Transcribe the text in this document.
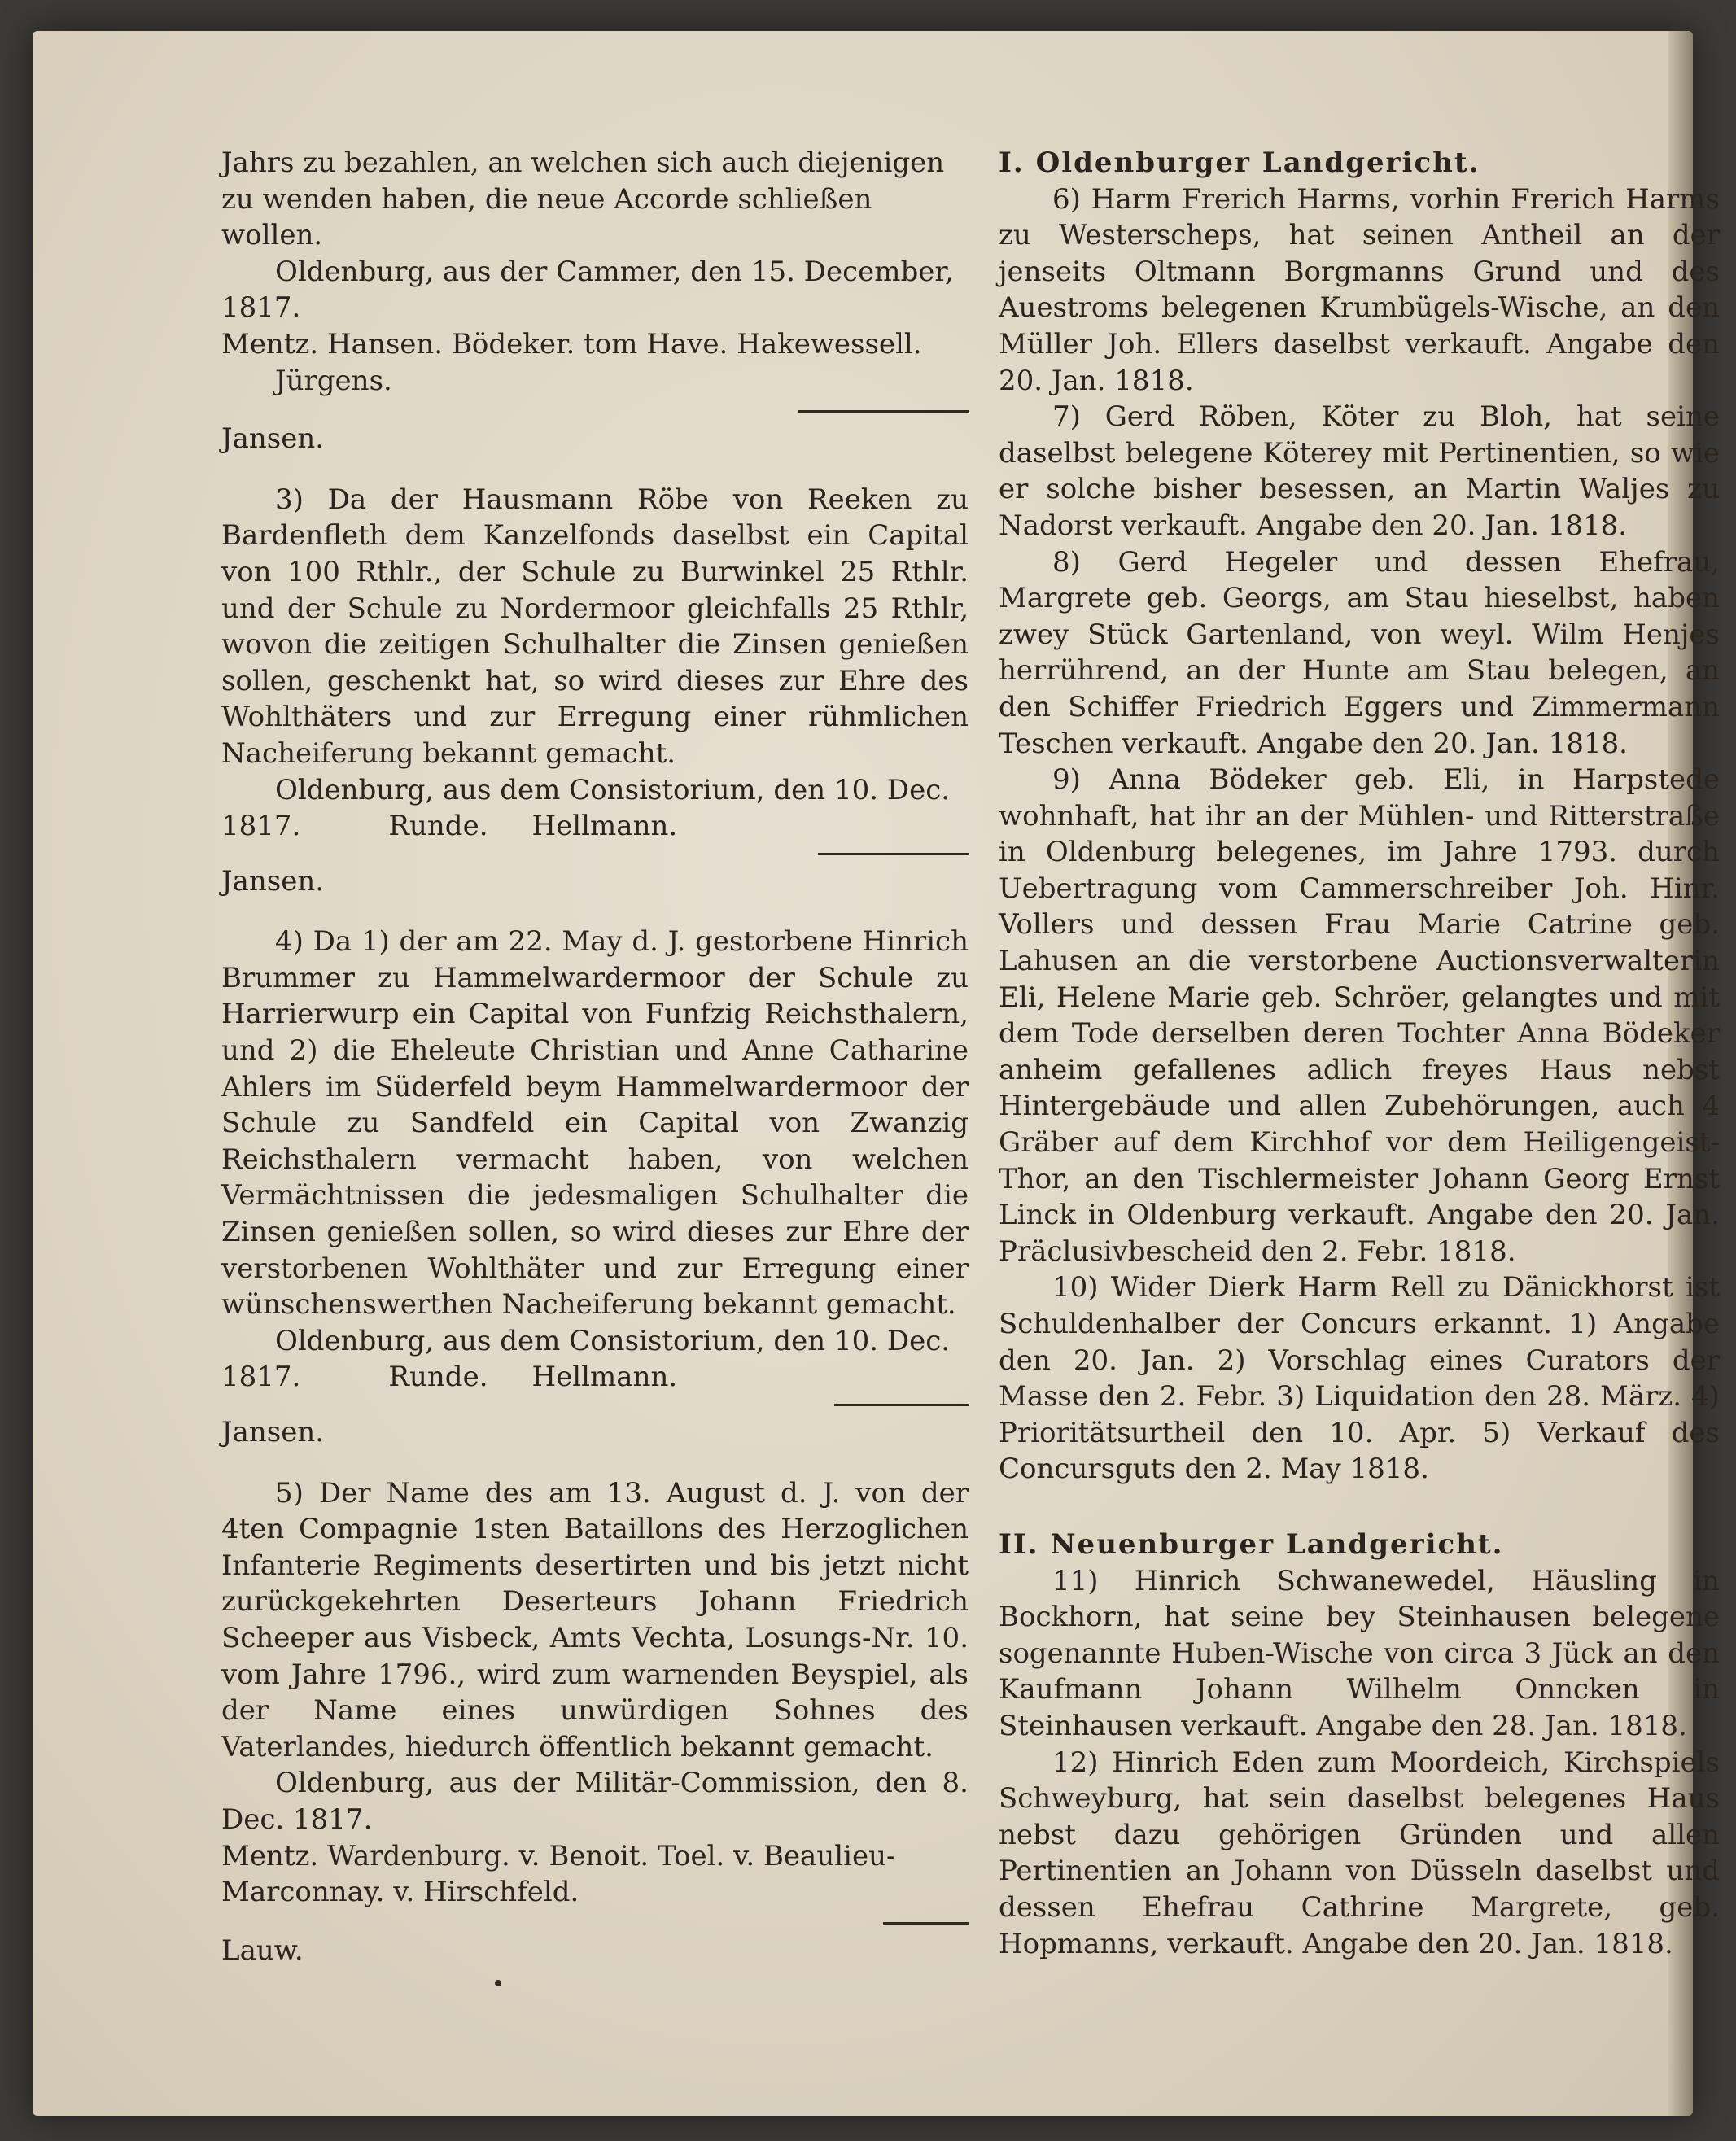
Jahrs zu bezahlen, an welchen sich auch diejenigen zu wenden haben, die neue Accorde schließen wollen.

Oldenburg, aus der Cammer, den 15. December, 1817.

Mentz. Hansen. Bödeker. tom Have. Hakewessell.

Jürgens.

Jansen.

3) Da der Hausmann Röbe von Reeken zu Bardenfleth dem Kanzelfonds daselbst ein Capital von 100 Rthlr., der Schule zu Burwinkel 25 Rthlr. und der Schule zu Nordermoor gleichfalls 25 Rthlr, wovon die zeitigen Schulhalter die Zinsen genießen sollen, geschenkt hat, so wird dieses zur Ehre des Wohlthäters und zur Erregung einer rühmlichen Nacheiferung bekannt gemacht.

Oldenburg, aus dem Consistorium, den 10. Dec.

1817.          Runde.     Hellmann.

Jansen.

4) Da 1) der am 22. May d. J. gestorbene Hinrich Brummer zu Hammelwardermoor der Schule zu Harrierwurp ein Capital von Funfzig Reichsthalern, und 2) die Eheleute Christian und Anne Catharine Ahlers im Süderfeld beym Hammelwardermoor der Schule zu Sandfeld ein Capital von Zwanzig Reichsthalern vermacht haben, von welchen Vermächtnissen die jedesmaligen Schulhalter die Zinsen genießen sollen, so wird dieses zur Ehre der verstorbenen Wohlthäter und zur Erregung einer wünschenswerthen Nacheiferung bekannt gemacht.

Oldenburg, aus dem Consistorium, den 10. Dec.

1817.          Runde.     Hellmann.

Jansen.

5) Der Name des am 13. August d. J. von der 4ten Compagnie 1sten Bataillons des Herzoglichen Infanterie Regiments desertirten und bis jetzt nicht zurückgekehrten Deserteurs Johann Friedrich Scheeper aus Visbeck, Amts Vechta, Losungs-Nr. 10. vom Jahre 1796., wird zum warnenden Beyspiel, als der Name eines unwürdigen Sohnes des Vaterlandes, hiedurch öffentlich bekannt gemacht.

Oldenburg, aus der Militär-Commission, den 8. Dec. 1817.

Mentz. Wardenburg. v. Benoit. Toel. v. Beaulieu-Marconnay. v. Hirschfeld.

Lauw.

I. Oldenburger Landgericht.

6) Harm Frerich Harms, vorhin Frerich Harms zu Westerscheps, hat seinen Antheil an der jenseits Oltmann Borgmanns Grund und des Auestroms belegenen Krumbügels-Wische, an den Müller Joh. Ellers daselbst verkauft. Angabe den 20. Jan. 1818.

7) Gerd Röben, Köter zu Bloh, hat seine daselbst belegene Köterey mit Pertinentien, so wie er solche bisher besessen, an Martin Waljes zu Nadorst verkauft. Angabe den 20. Jan. 1818.

8) Gerd Hegeler und dessen Ehefrau, Margrete geb. Georgs, am Stau hieselbst, haben zwey Stück Gartenland, von weyl. Wilm Henjes herrührend, an der Hunte am Stau belegen, an den Schiffer Friedrich Eggers und Zimmermann Teschen verkauft. Angabe den 20. Jan. 1818.

9) Anna Bödeker geb. Eli, in Harpstede wohnhaft, hat ihr an der Mühlen- und Ritterstraße in Oldenburg belegenes, im Jahre 1793. durch Uebertragung vom Cammerschreiber Joh. Hinr. Vollers und dessen Frau Marie Catrine geb. Lahusen an die verstorbene Auctionsverwalterin Eli, Helene Marie geb. Schröer, gelangtes und mit dem Tode derselben deren Tochter Anna Bödeker anheim gefallenes adlich freyes Haus nebst Hintergebäude und allen Zubehörungen, auch 4 Gräber auf dem Kirchhof vor dem Heiligengeist-Thor, an den Tischlermeister Johann Georg Ernst Linck in Oldenburg verkauft. Angabe den 20. Jan. Präclusivbescheid den 2. Febr. 1818.

10) Wider Dierk Harm Rell zu Dänickhorst ist Schuldenhalber der Concurs erkannt. 1) Angabe den 20. Jan. 2) Vorschlag eines Curators der Masse den 2. Febr. 3) Liquidation den 28. März. 4) Prioritätsurtheil den 10. Apr. 5) Verkauf des Concursguts den 2. May 1818.

II. Neuenburger Landgericht.

11) Hinrich Schwanewedel, Häusling in Bockhorn, hat seine bey Steinhausen belegene sogenannte Huben-Wische von circa 3 Jück an den Kaufmann Johann Wilhelm Onncken in Steinhausen verkauft. Angabe den 28. Jan. 1818.

12) Hinrich Eden zum Moordeich, Kirchspiels Schweyburg, hat sein daselbst belegenes Haus nebst dazu gehörigen Gründen und allen Pertinentien an Johann von Düsseln daselbst und dessen Ehefrau Cathrine Margrete, geb. Hopmanns, verkauft. Angabe den 20. Jan. 1818.
